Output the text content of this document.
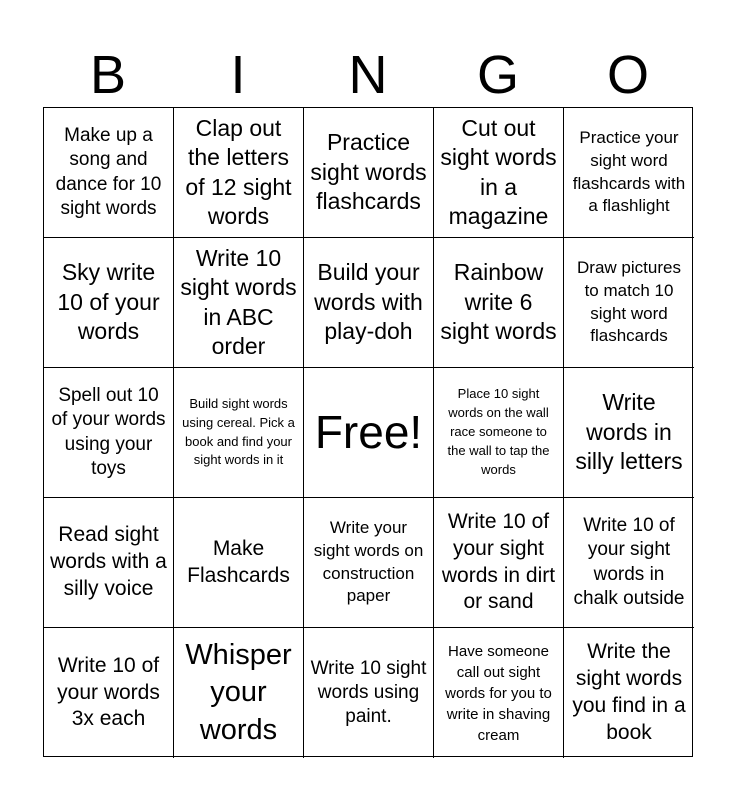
B	I	N	G	O
Make up a song and dance for 10 sight words
Clap out the letters of 12 sight words
Practice sight words flashcards
Cut out sight words in a magazine
Practice your sight word flashcards with a flashlight
Sky write 10 of your words
Write 10 sight words in ABC order
Build your words with play-doh
Rainbow write 6 sight words
Draw pictures to match 10 sight word flashcards
Spell out 10 of your words using your toys
Build sight words using cereal. Pick a book and find your sight words in it
Free!
Place 10 sight words on the wall race someone to the wall to tap the words
Write words in silly letters
Read sight words with a silly voice
Make Flashcards
Write your sight words on construction paper
Write 10 of your sight words in dirt or sand
Write 10 of your sight words in chalk outside
Write 10 of your words 3x each
Whisper your words
Write 10 sight words using paint.
Have someone call out sight words for you to write in shaving cream
Write the sight words you find in a book
